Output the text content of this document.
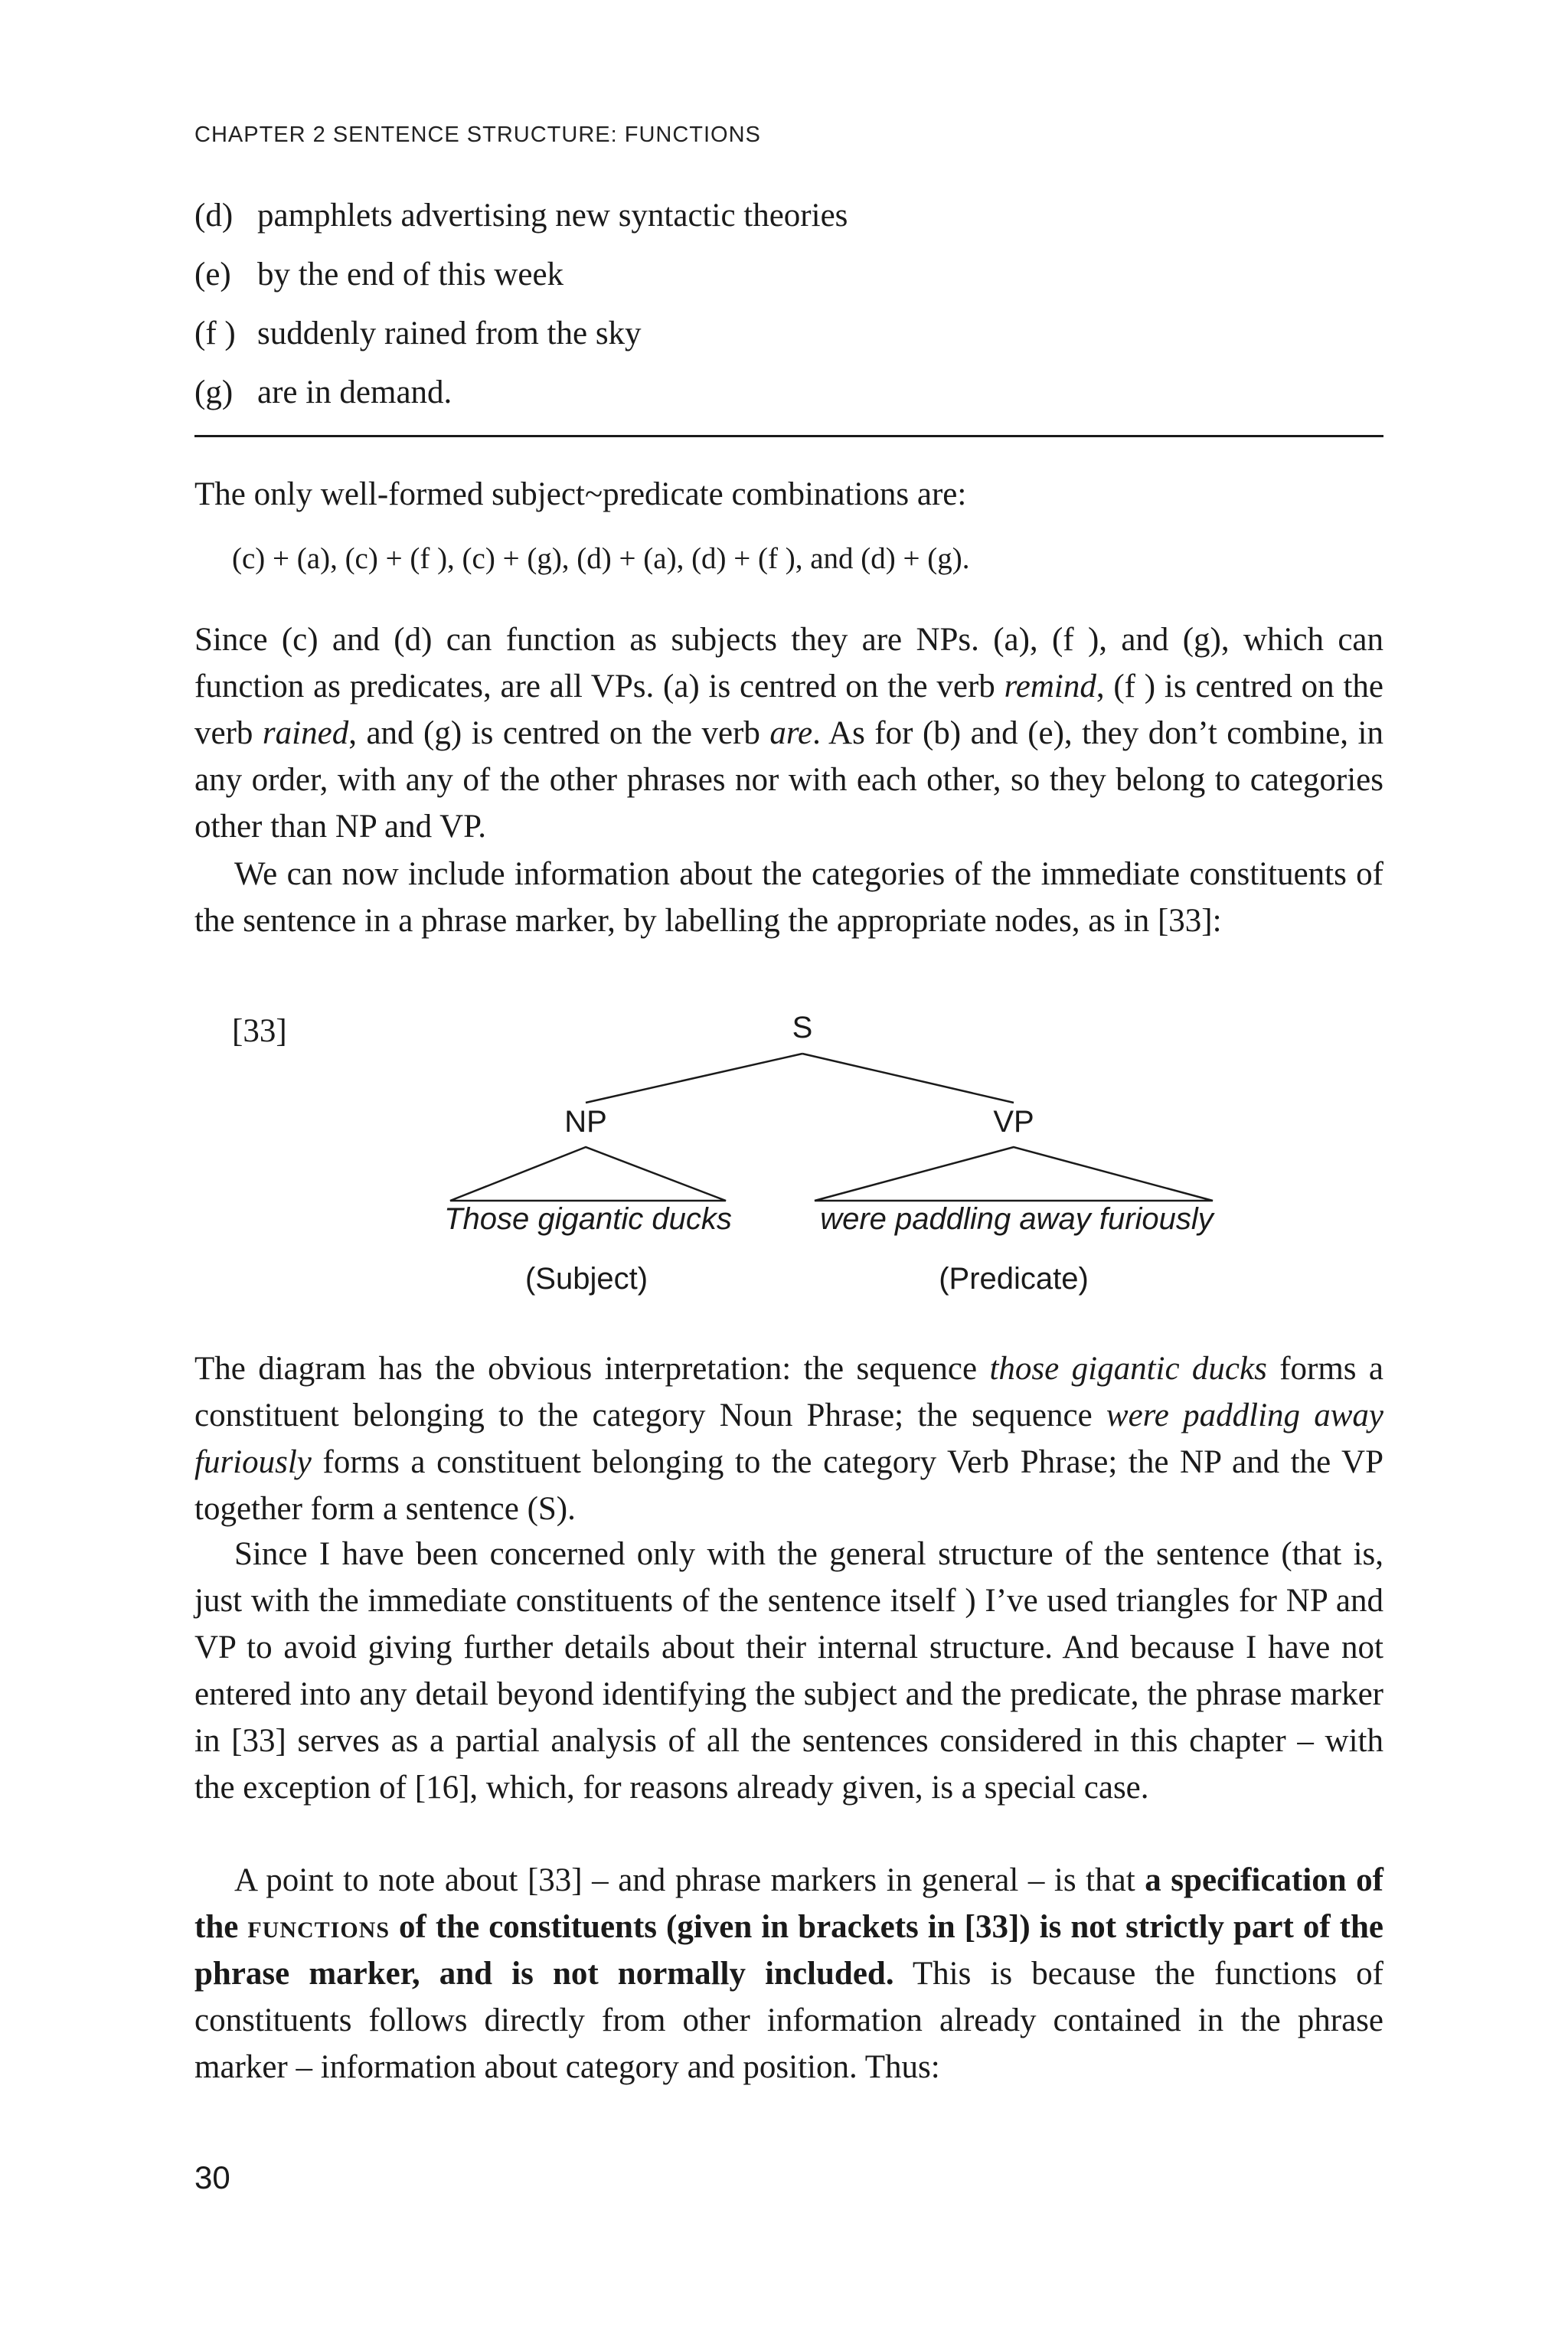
CHAPTER 2 SENTENCE STRUCTURE: FUNCTIONS
(d) pamphlets advertising new syntactic theories
(e) by the end of this week
(f ) suddenly rained from the sky
(g) are in demand.

The only well-formed subject~predicate combinations are:

(c) + (a), (c) + (f ), (c) + (g), (d) + (a), (d) + (f ), and (d) + (g).

Since (c) and (d) can function as subjects they are NPs. (a), (f ), and (g), which can function as predicates, are all VPs. (a) is centred on the verb remind, (f ) is centred on the verb rained, and (g) is centred on the verb are. As for (b) and (e), they don’t combine, in any order, with any of the other phrases nor with each other, so they belong to categories other than NP and VP.

We can now include information about the categories of the immediate constituents of the sentence in a phrase marker, by labelling the appropriate nodes, as in [33]:

[33]	S
NP	VP
Those gigantic ducks	were paddling away furiously
(Subject)	(Predicate)

The diagram has the obvious interpretation: the sequence those gigantic ducks forms a constituent belonging to the category Noun Phrase; the sequence were paddling away furiously forms a constituent belonging to the category Verb Phrase; the NP and the VP together form a sentence (S).

Since I have been concerned only with the general structure of the sentence (that is, just with the immediate constituents of the sentence itself ) I’ve used triangles for NP and VP to avoid giving further details about their internal structure. And because I have not entered into any detail beyond identifying the subject and the predicate, the phrase marker in [33] serves as a partial analysis of all the sentences considered in this chapter – with the exception of [16], which, for reasons already given, is a special case.

A point to note about [33] – and phrase markers in general – is that a specification of the functions of the constituents (given in brackets in [33]) is not strictly part of the phrase marker, and is not normally included. This is because the functions of constituents follows directly from other information already contained in the phrase marker – information about category and position. Thus:

30
